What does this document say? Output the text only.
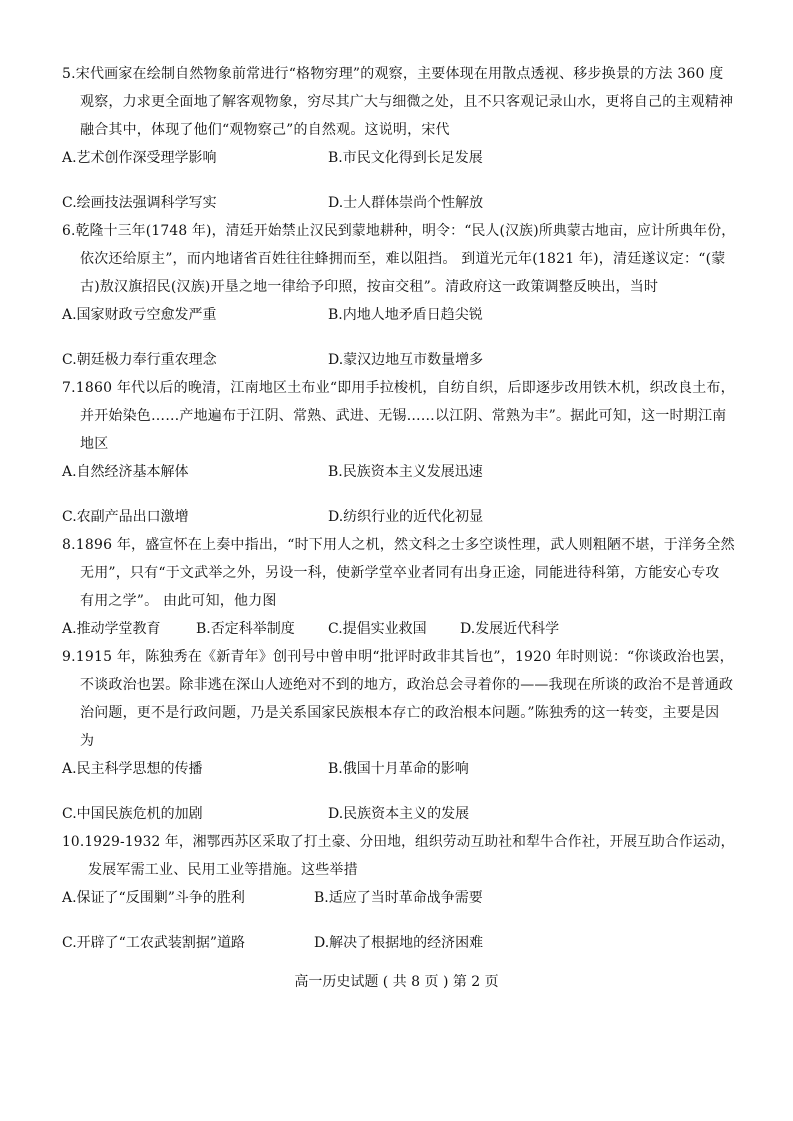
5.宋代画家在绘制自然物象前常进行“格物穷理”的观察，主要体现在用散点透视、移步换景的方法 360 度
观察，力求更全面地了解客观物象，穷尽其广大与细微之处，且不只客观记录山水，更将自己的主观精神
融合其中，体现了他们“观物察己”的自然观。这说明，宋代
A.艺术创作深受理学影响	B.市民文化得到长足发展
C.绘画技法强调科学写实	D.士人群体崇尚个性解放
6.乾隆十三年(1748 年)，清廷开始禁止汉民到蒙地耕种，明令：“民人(汉族)所典蒙古地亩，应计所典年份，
依次还给原主”，而内地诸省百姓往往蜂拥而至，难以阻挡。 到道光元年(1821 年)，清廷遂议定：“(蒙
古)敖汉旗招民(汉族)开垦之地一律给予印照，按亩交租”。清政府这一政策调整反映出，当时
A.国家财政亏空愈发严重	B.内地人地矛盾日趋尖锐
C.朝廷极力奉行重农理念	D.蒙汉边地互市数量增多
7.1860 年代以后的晚清，江南地区土布业“即用手拉梭机，自纺自织，后即逐步改用铁木机，织改良土布，
并开始染色……产地遍布于江阴、常熟、武进、无锡……以江阴、常熟为丰”。据此可知，这一时期江南
地区
A.自然经济基本解体	B.民族资本主义发展迅速
C.农副产品出口激增	D.纺织行业的近代化初显
8.1896 年，盛宣怀在上奏中指出，“时下用人之机，然文科之士多空谈性理，武人则粗陋不堪，于洋务全然
无用”，只有“于文武举之外，另设一科，使新学堂卒业者同有出身正途，同能进待科第，方能安心专攻
有用之学”。 由此可知，他力图
A.推动学堂教育	B.否定科举制度 C.提倡实业救国 D.发展近代科学
9.1915 年，陈独秀在《新青年》创刊号中曾申明“批评时政非其旨也”，1920 年时则说：“你谈政治也罢，
不谈政治也罢。除非逃在深山人迹绝对不到的地方，政治总会寻着你的——我现在所谈的政治不是普通政
治问题，更不是行政问题，乃是关系国家民族根本存亡的政治根本问题。”陈独秀的这一转变，主要是因
为
A.民主科学思想的传播	B.俄国十月革命的影响
C.中国民族危机的加剧	D.民族资本主义的发展
10.1929-1932 年，湘鄂西苏区采取了打土豪、分田地，组织劳动互助社和犁牛合作社，开展互助合作运动，
发展军需工业、民用工业等措施。这些举措
A.保证了“反围剿”斗争的胜利	B.适应了当时革命战争需要
C.开辟了“工农武装割据”道路	D.解决了根据地的经济困难
高一历史试题 ( 共 8 页 ) 第 2 页
